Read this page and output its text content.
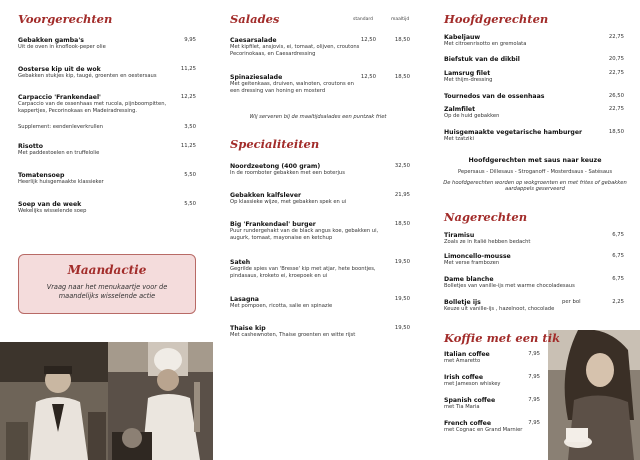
Voorgerechten
Gebakken gamba's
Uit de oven in knoflook-peper olie
9,95
Oosterse kip uit de wok
Gebakken stukjes kip, taugé, groenten en oestersaus
11,25
Carpaccio 'Frankendael'
Carpaccio van de ossenhaas met rucola, pijnboompitten, kappertjes, Pecorinokaas en Madeiradressing.
12,25
Supplement: eendenleverkrullen	3,50
Risotto
Met paddestoelen en truffelolie
11,25
Tomatensoep
Heerlijk huisgemaakte klassieker
5,50
Soep van de week
Wekelijks wisselende soep
5,50
Maandactie
Vraag naar het menukaartje voor de maandelijks wisselende actie
Salades	standard	maaltijd
Caesarsalade
Met kipfilet, ansjovis, ei, tomaat, olijven, croutons Pecorinokaas, en Caesardressing
12,50	18,50
Spinaziesalade
Met geitenkaas, druiven, walnoten, croutons en een dressing van honing en mosterd
12,50	18,50
Wij serveren bij de maaltijdsalades een puntzak friet
Specialiteiten
Noordzeetong (400 gram)
In de roomboter gebakken met een boterjus
32,50
Gebakken kalfslever
Op klassieke wijze, met gebakken spek en ui
21,95
Big 'Frankendael' burger
Puur rundergehakt van de black angus koe, gebakken ui, augurk, tomaat, mayonaise en ketchup
18,50
Sateh
Gegrilde spies van 'Bresse' kip met atjar, hete boontjes, pindasaus, kroketo ei, kroepoek en ui
19,50
Lasagna
Met pompoen, ricotta, salie en spinazie
19,50
Thaise kip
Met cashewnoten, Thaise groenten en witte rijst
19,50
Hoofdgerechten
Kabeljauw
Met citroenrisotto en gremolata
22,75
Biefstuk van de dikbil	20,75
Lamsrug filet
Met thijm-dressing
22,75
Tournedos van de ossenhaas	26,50
Zalmfilet
Op de huid gebakken
22,75
Huisgemaakte vegetarische hamburger
Met tzatziki
18,50
Hoofdgerechten met saus naar keuze
Pepersaus - Dillesaus - Stroganoff - Mosterdsaus - Satésaus
De hoofdgerechten worden op wokgroenten en met frites of gebakken aardappels geserveerd
Nagerechten
Tiramisu
Zoals ze in Italië hebben bedacht
6,75
Limoncello-mousse
Met verse frambozen
6,75
Dame blanche
Bolletjes van vanille-ijs met warme chocoladesaus
6,75
Bolletje ijs
Keuze uit vanille-ijs , hazelnoot, chocolade
per bol	2,25
Koffie met een tik
Italian coffee
met Amaretto
7,95
Irish coffee
met Jameson whiskey
7,95
Spanish coffee
met Tia Maria
7,95
French coffee
met Cognac en Grand Marnier
7,95
